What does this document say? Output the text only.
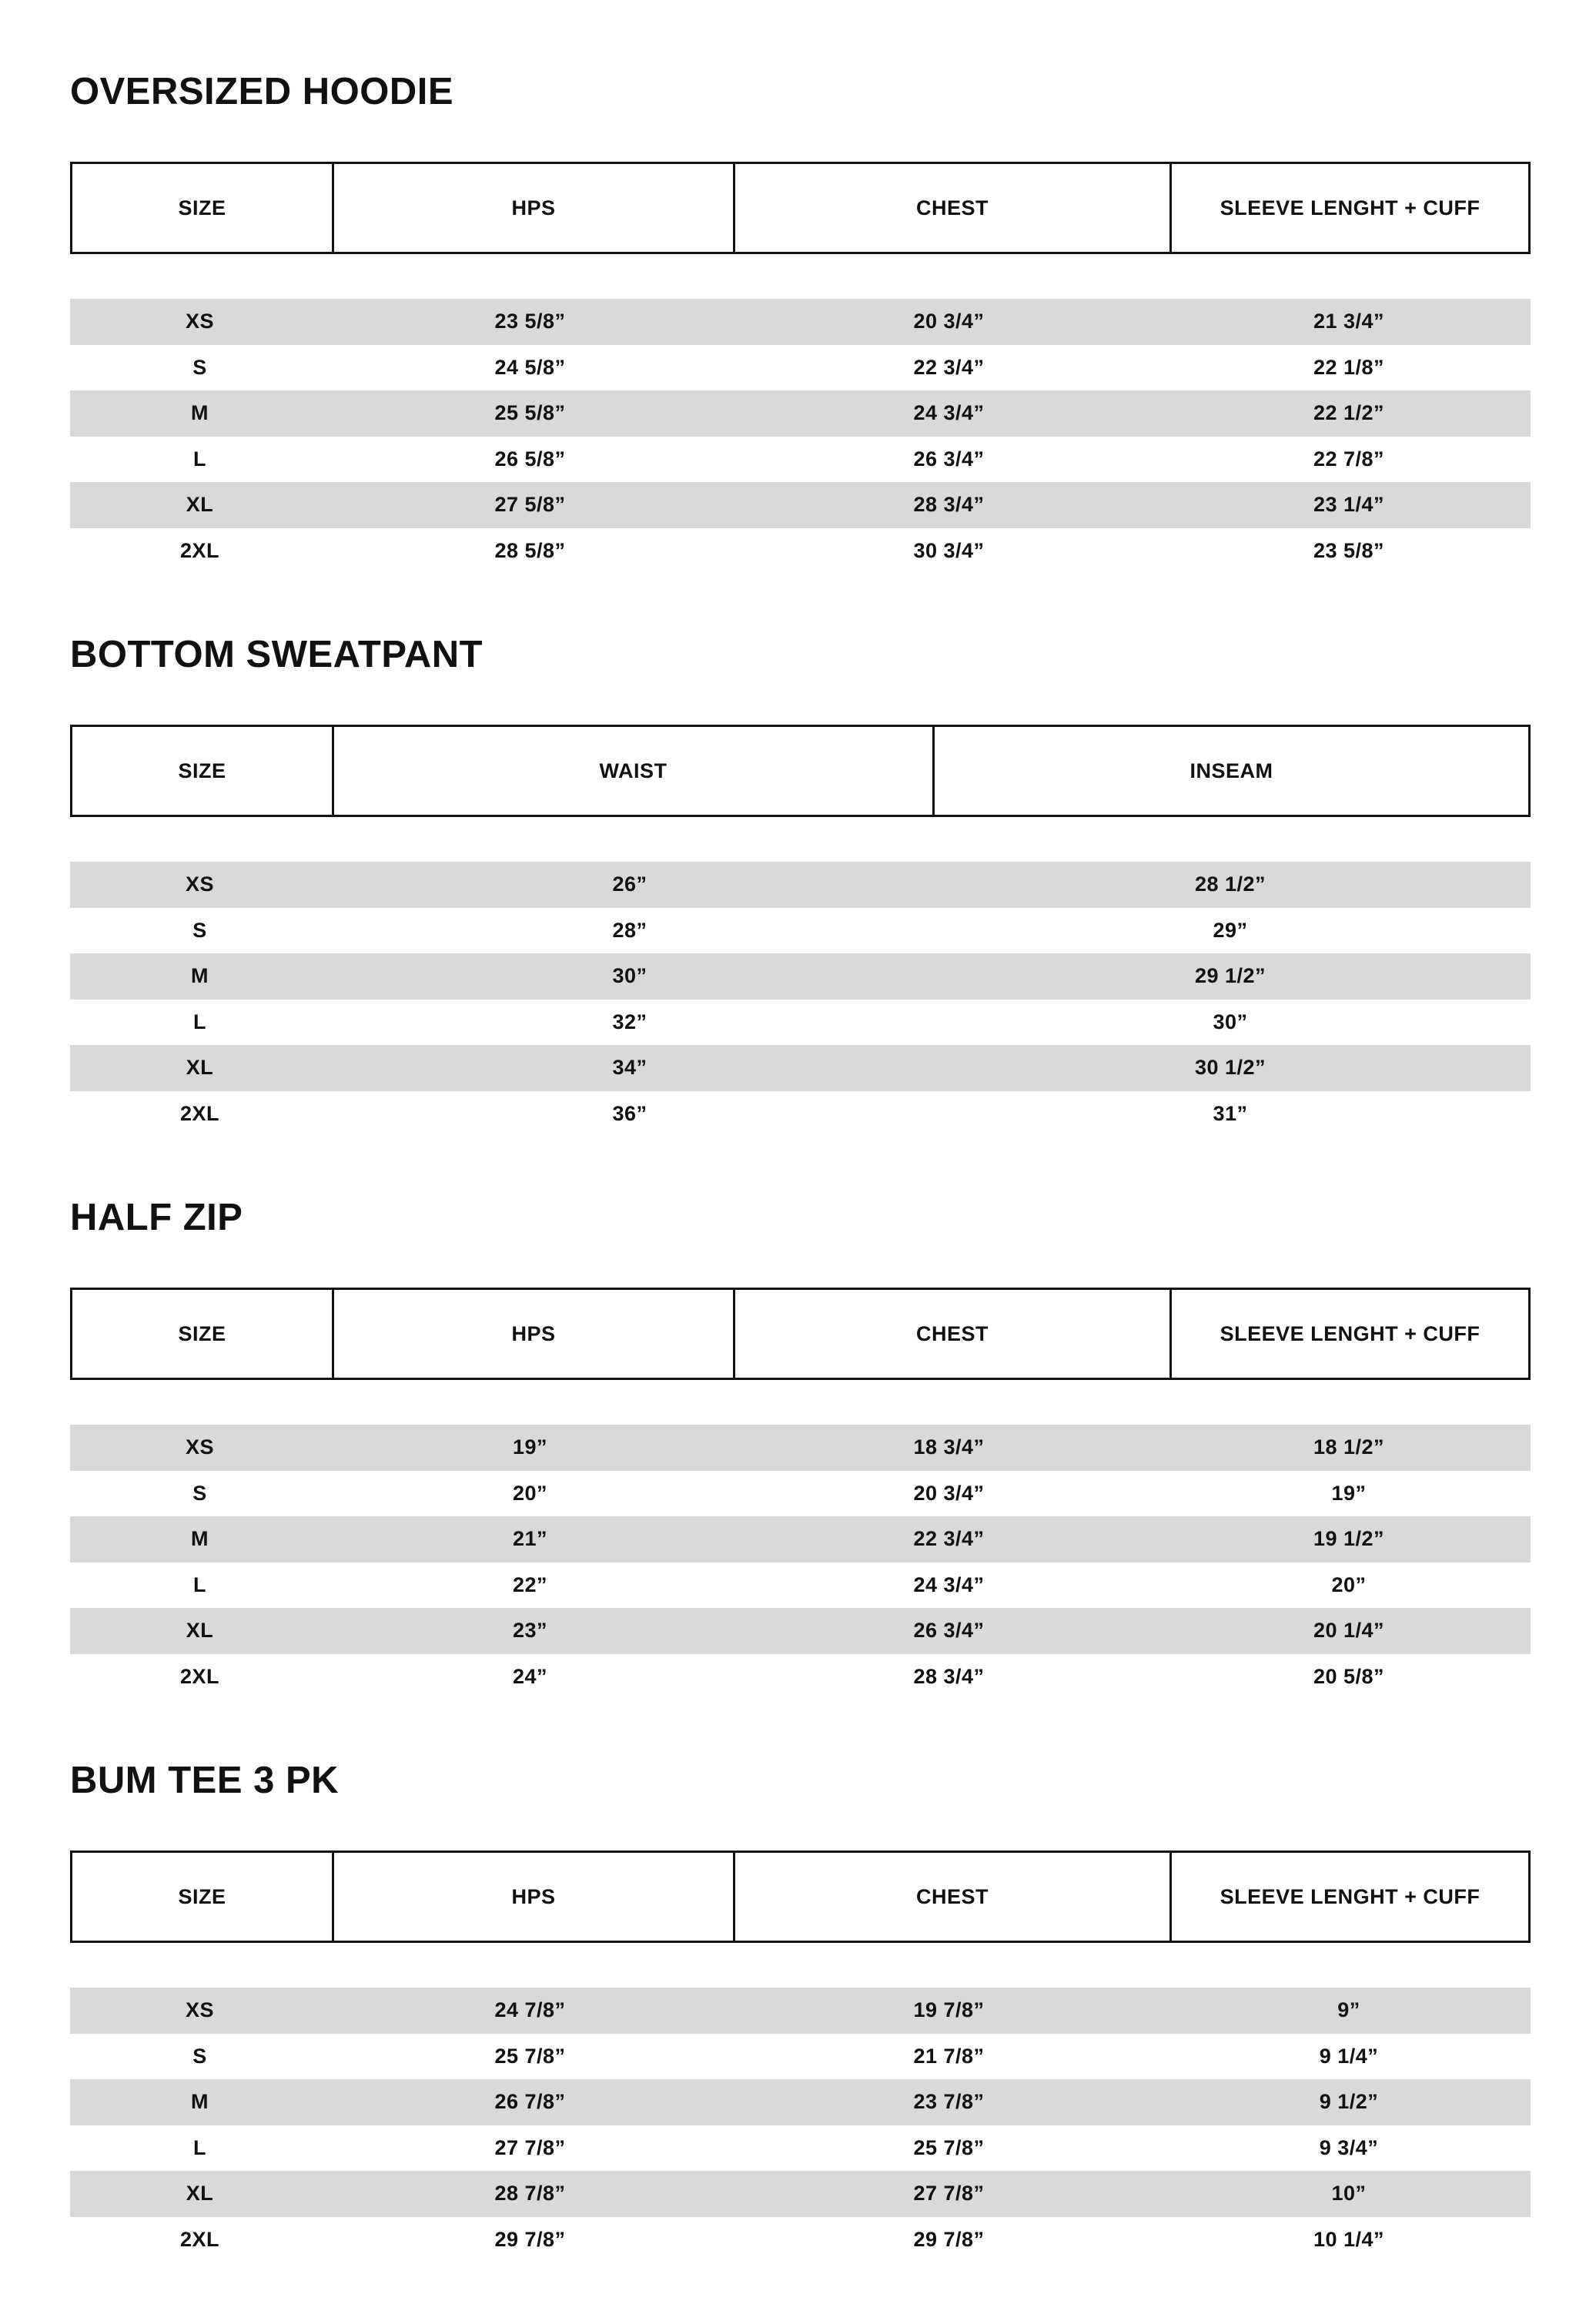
OVERSIZED HOODIE
SIZE	HPS	CHEST	SLEEVE LENGHT + CUFF
XS	23 5/8”	20 3/4”	21 3/4”
S	24 5/8”	22 3/4”	22 1/8”
M	25 5/8”	24 3/4”	22 1/2”
L	26 5/8”	26 3/4”	22 7/8”
XL	27 5/8”	28 3/4”	23 1/4”
2XL	28 5/8”	30 3/4”	23 5/8”
BOTTOM SWEATPANT
SIZE	WAIST	INSEAM
XS	26”	28 1/2”
S	28”	29”
M	30”	29 1/2”
L	32”	30”
XL	34”	30 1/2”
2XL	36”	31”
HALF ZIP
SIZE	HPS	CHEST	SLEEVE LENGHT + CUFF
XS	19”	18 3/4”	18 1/2”
S	20”	20 3/4”	19”
M	21”	22 3/4”	19 1/2”
L	22”	24 3/4”	20”
XL	23”	26 3/4”	20 1/4”
2XL	24”	28 3/4”	20 5/8”
BUM TEE 3 PK
SIZE	HPS	CHEST	SLEEVE LENGHT + CUFF
XS	24 7/8”	19 7/8”	9”
S	25 7/8”	21 7/8”	9 1/4”
M	26 7/8”	23 7/8”	9 1/2”
L	27 7/8”	25 7/8”	9 3/4”
XL	28 7/8”	27 7/8”	10”
2XL	29 7/8”	29 7/8”	10 1/4”
